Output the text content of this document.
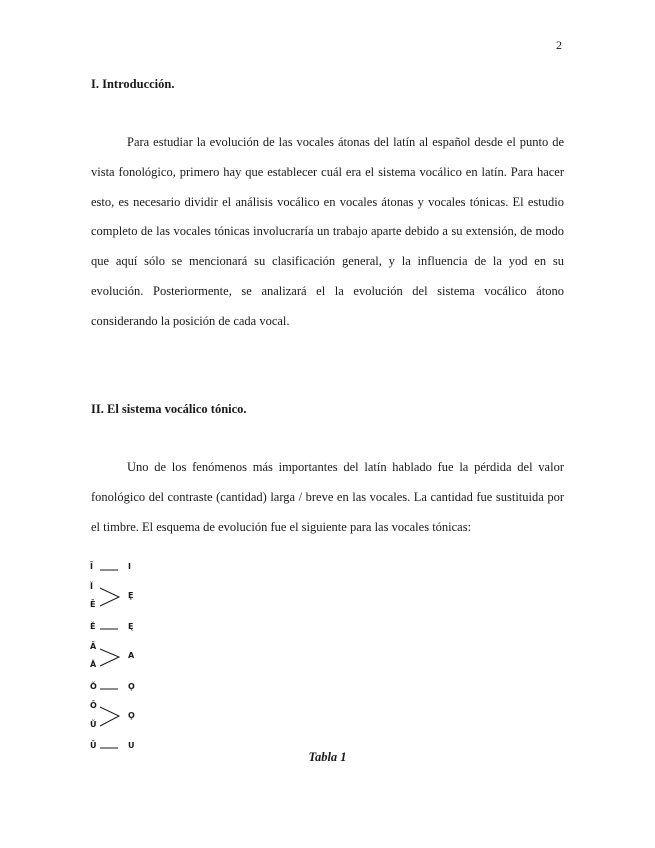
2
I. Introducción.

Para estudiar la evolución de las vocales átonas del latín al español desde el punto de vista fonológico, primero hay que establecer cuál era el sistema vocálico en latín. Para hacer esto, es necesario dividir el análisis vocálico en vocales átonas y vocales tónicas. El estudio completo de las vocales tónicas involucraría un trabajo aparte debido a su extensión, de modo que aquí sólo se mencionará su clasificación general, y la influencia de la yod en su evolución. Posteriormente, se analizará el la evolución del sistema vocálico átono considerando la posición de cada vocal.

II. El sistema vocálico tónico.

Uno de los fenómenos más importantes del latín hablado fue la pérdida del valor fonológico del contraste (cantidad) larga / breve en las vocales. La cantidad fue sustituida por el timbre. El esquema de evolución fue el siguiente para las vocales tónicas:

Ī
Ĭ
Ē
Ĕ
Ā
Ă
Ŏ
Ō
Ŭ
Ū
I
Ẹ
Ę
A
Ǫ
Ọ
U

Tabla 1
